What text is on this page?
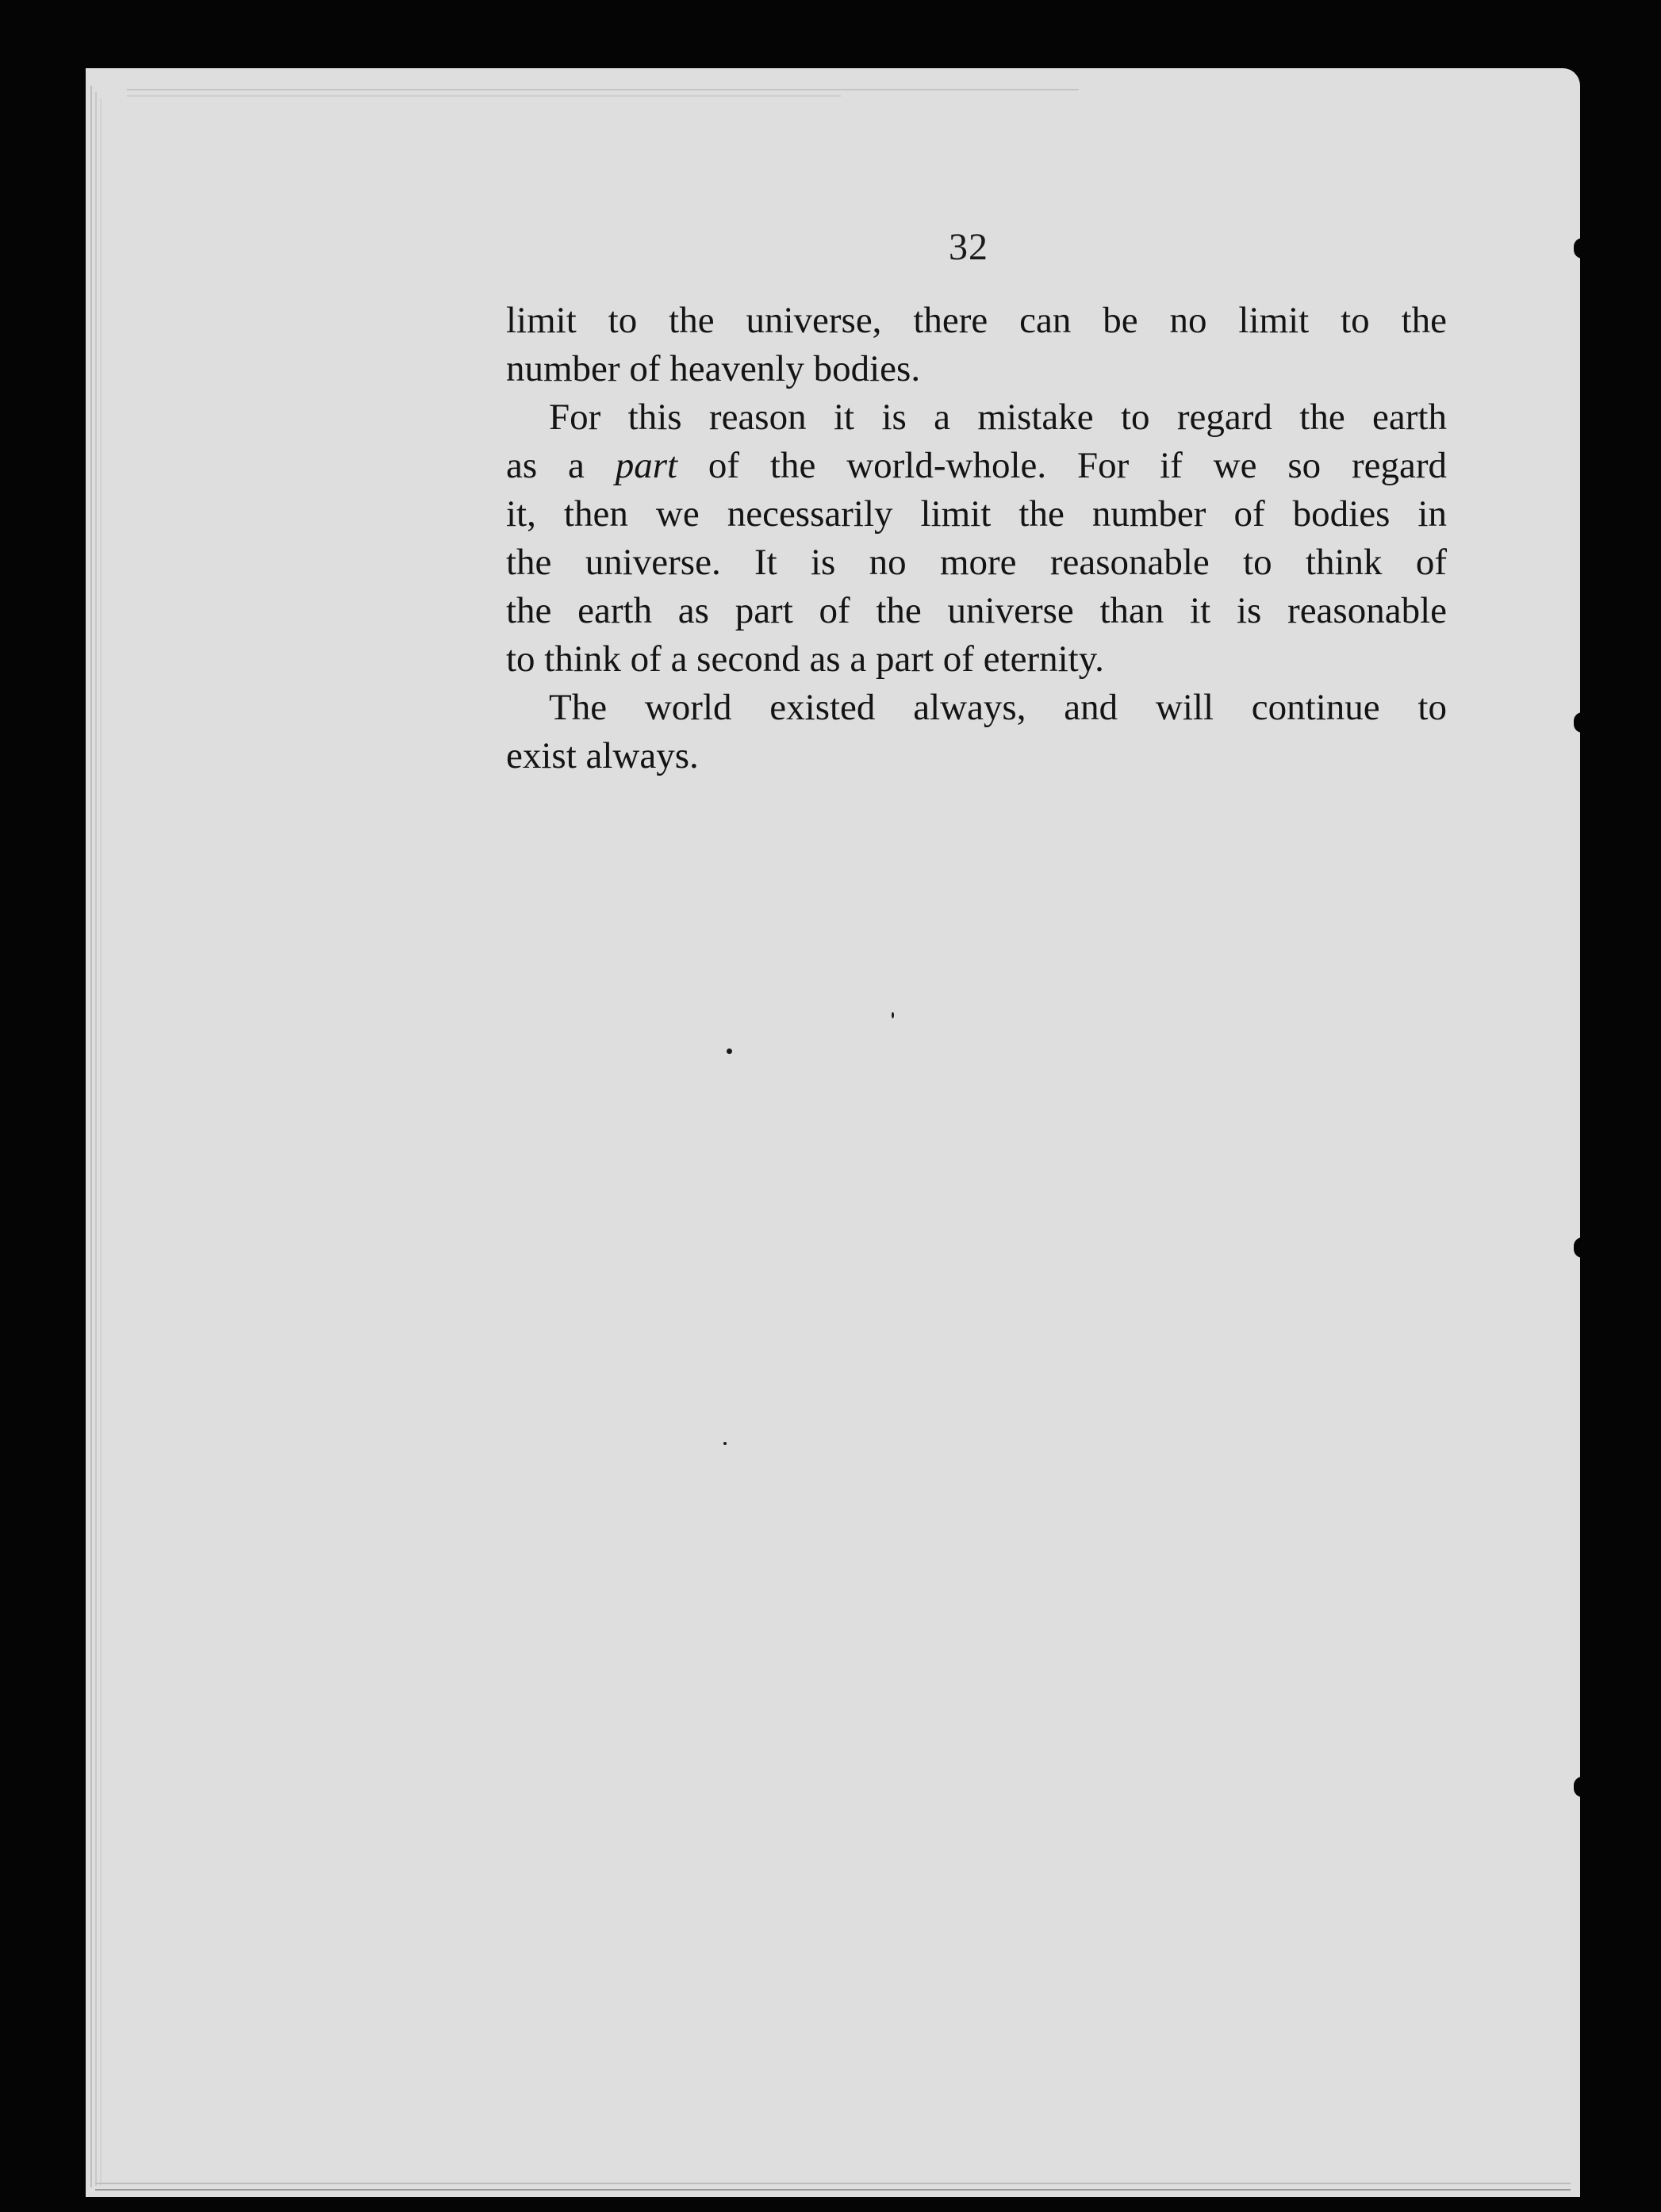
32
limit to the universe, there can be no limit to the
number of heavenly bodies.
For this reason it is a mistake to regard the earth
as a part of the world-whole. For if we so regard
it, then we necessarily limit the number of bodies in
the universe. It is no more reasonable to think of
the earth as part of the universe than it is reasonable
to think of a second as a part of eternity.
The world existed always, and will continue to
exist always.
